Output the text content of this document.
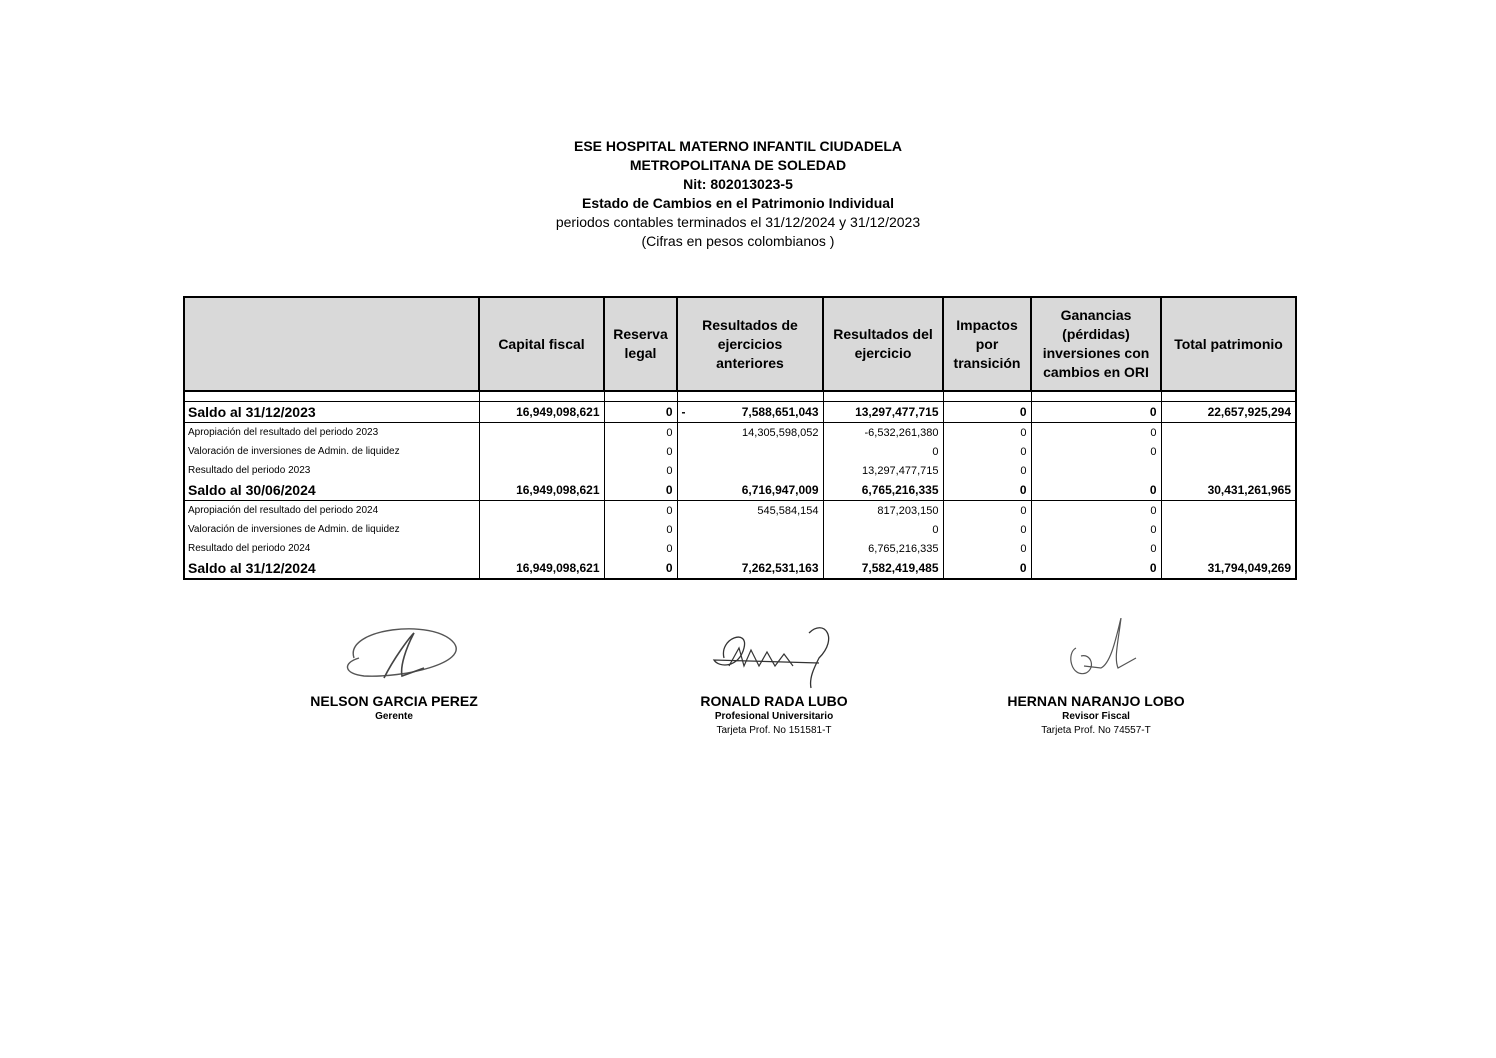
ESE HOSPITAL MATERNO INFANTIL CIUDADELA
METROPOLITANA DE SOLEDAD
Nit: 802013023-5
Estado de Cambios en el Patrimonio Individual
periodos contables terminados el 31/12/2024 y 31/12/2023
(Cifras en pesos colombianos )
	Capital fiscal	Reserva legal	Resultados de ejercicios anteriores	Resultados del ejercicio	Impactos por transición	Ganancias (pérdidas) inversiones con cambios en ORI	Total patrimonio

Saldo al 31/12/2023	16,949,098,621	0	- 7,588,651,043	13,297,477,715	0	0	22,657,925,294
Apropiación del resultado del periodo 2023		0	14,305,598,052	-6,532,261,380	0	0	
Valoración de inversiones de Admin. de liquidez		0		0	0	0	
Resultado del periodo 2023		0		13,297,477,715	0		
Saldo al 30/06/2024	16,949,098,621	0	6,716,947,009	6,765,216,335	0	0	30,431,261,965
Apropiación del resultado del periodo 2024		0	545,584,154	817,203,150	0	0	
Valoración de inversiones de Admin. de liquidez		0		0	0	0	
Resultado del periodo 2024		0		6,765,216,335	0	0	
Saldo al 31/12/2024	16,949,098,621	0	7,262,531,163	7,582,419,485	0	0	31,794,049,269
NELSON GARCIA PEREZ
Gerente
RONALD RADA LUBO
Profesional Universitario
Tarjeta Prof. No 151581-T
HERNAN NARANJO LOBO
Revisor Fiscal
Tarjeta Prof. No 74557-T
